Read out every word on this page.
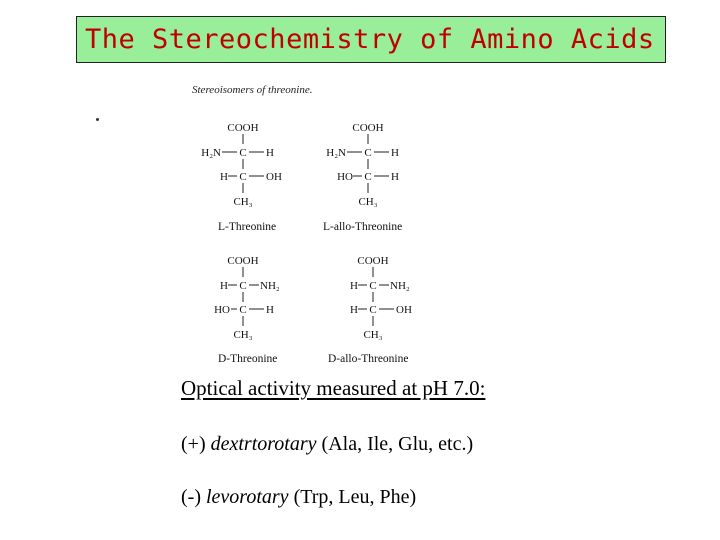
The Stereochemistry of Amino Acids
Stereoisomers of threonine.
COOH
H₂N C H
H C OH
CH₃
L-Threonine
COOH
H₂N C H
HO C H
CH₃
L-allo-Threonine
COOH
H C NH₂
HO C H
CH₃
D-Threonine
COOH
H C NH₂
H C OH
CH₃
D-allo-Threonine
Optical activity measured at pH 7.0:
(+) dextrtorotary (Ala, Ile, Glu, etc.)
(-) levorotary (Trp, Leu, Phe)
